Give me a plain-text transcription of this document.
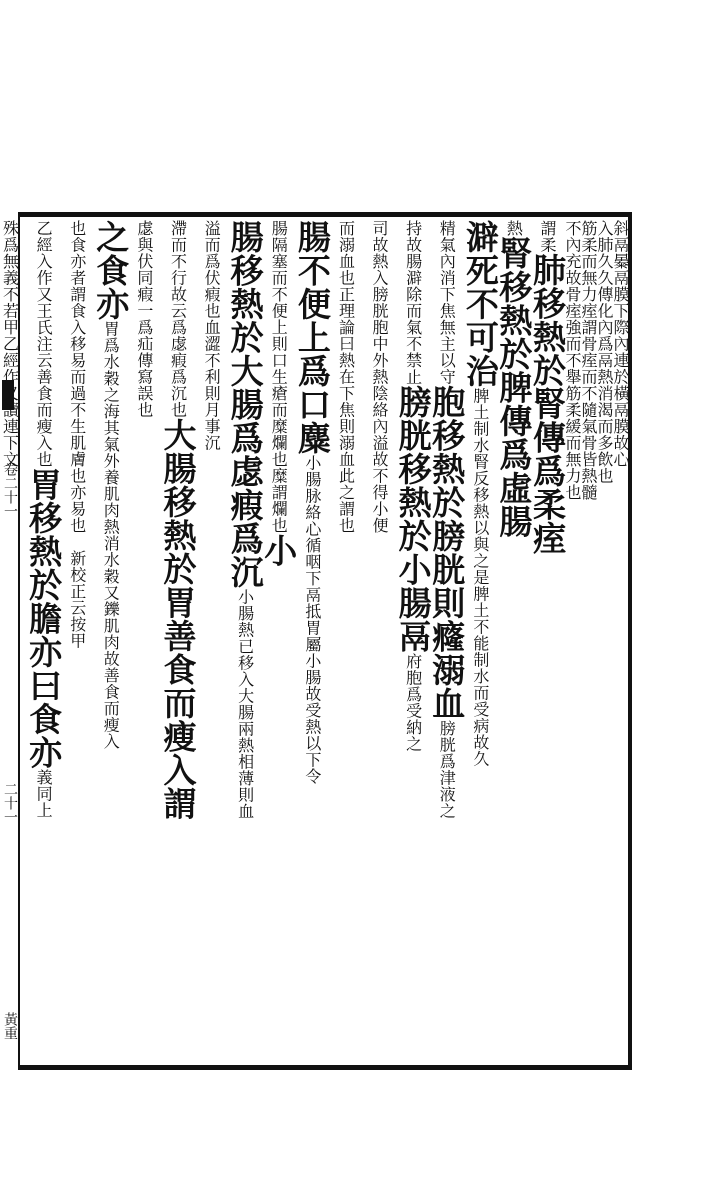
卷二十一
二十一
黃重

斜鬲㬥鬲膜下際內連於橫鬲膜故心

入肺久久傳化內爲鬲熱消渴而多飲也

筋柔而無力痓謂骨痓而不隨氣骨皆熱髓

不內充故骨痓強而不舉筋柔緩而無力也

謂柔肺移熱於腎傳爲柔痓

熱腎移熱於脾傳爲虛腸

澼死不可治脾土制水腎反移熱以與之是脾土不能制水而受病故久

精氣內消下焦無主以守胞移熱於膀胱則癃溺血膀胱爲津液之

持故腸澼除而氣不禁止膀胱移熱於小腸鬲府胞爲受納之

司故熱入膀胱胞中外熱陰絡內溢故不得小便

而溺血也正理論曰熱在下焦則溺血此之謂也

腸不便上爲口麋小腸脉絡心循咽下鬲抵胃屬小腸故受熱以下令

腸隔塞而不便上則口生瘡而糜爛也糜謂爛也小

腸移熱於大腸爲虙瘕爲沉小腸熱已移入大腸兩熱相薄則血

溢而爲伏瘕也血澀不利則月事沉

滯而不行故云爲虙瘕爲沉也大腸移熱於胃善食而瘦入謂

虙與伏同瘕一爲疝傳寫誤也

之食亦胃爲水穀之海其氣外養肌肉熱消水穀又鑠肌肉故善食而瘦入

也食亦者謂食入移易而過不生肌膚也亦易也　新校正云按甲

乙經入作又王氏注云善食而瘦入也胃移熱於膽亦曰食亦義同上

殊爲無義不若甲乙經作又讀連下文
